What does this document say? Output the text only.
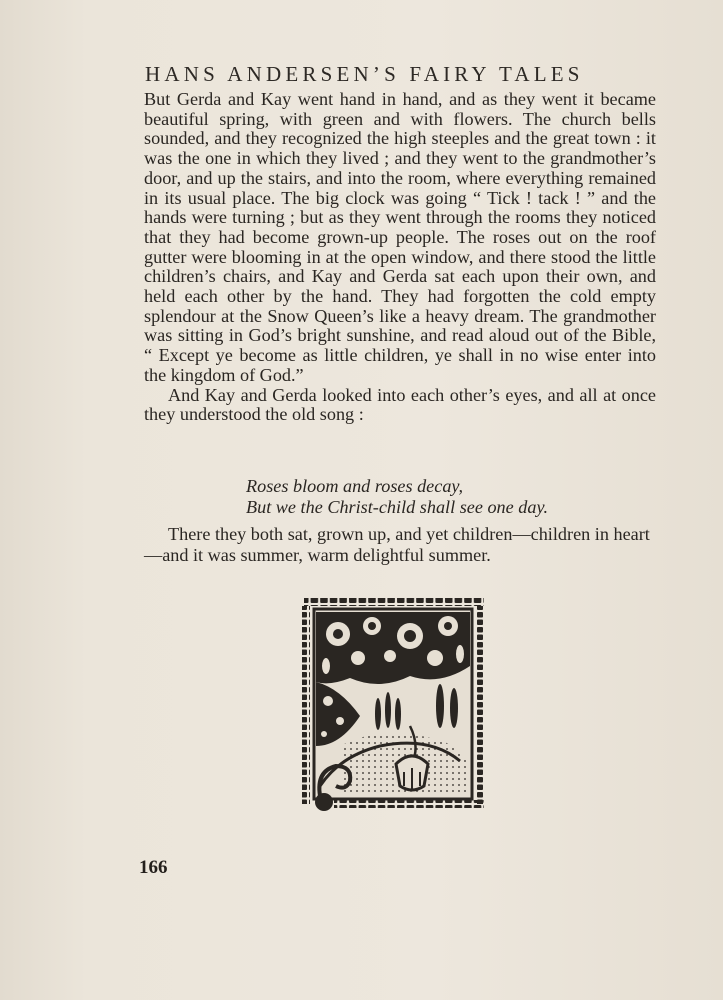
HANS ANDERSEN’S FAIRY TALES

But Gerda and Kay went hand in hand, and as they went it became beautiful spring, with green and with flowers. The church bells sounded, and they recognized the high steeples and the great town : it was the one in which they lived ; and they went to the grandmother’s door, and up the stairs, and into the room, where everything remained in its usual place. The big clock was going “ Tick ! tack ! ” and the hands were turning ; but as they went through the rooms they noticed that they had become grown-up people. The roses out on the roof gutter were blooming in at the open window, and there stood the little children’s chairs, and Kay and Gerda sat each upon their own, and held each other by the hand. They had forgotten the cold empty splendour at the Snow Queen’s like a heavy dream. The grandmother was sitting in God’s bright sunshine, and read aloud out of the Bible, “ Except ye become as little children, ye shall in no wise enter into the kingdom of God.”

And Kay and Gerda looked into each other’s eyes, and all at once they understood the old song :

Roses bloom and roses decay,
But we the Christ-child shall see one day.

There they both sat, grown up, and yet children—children in heart—and it was summer, warm delightful summer.

166
